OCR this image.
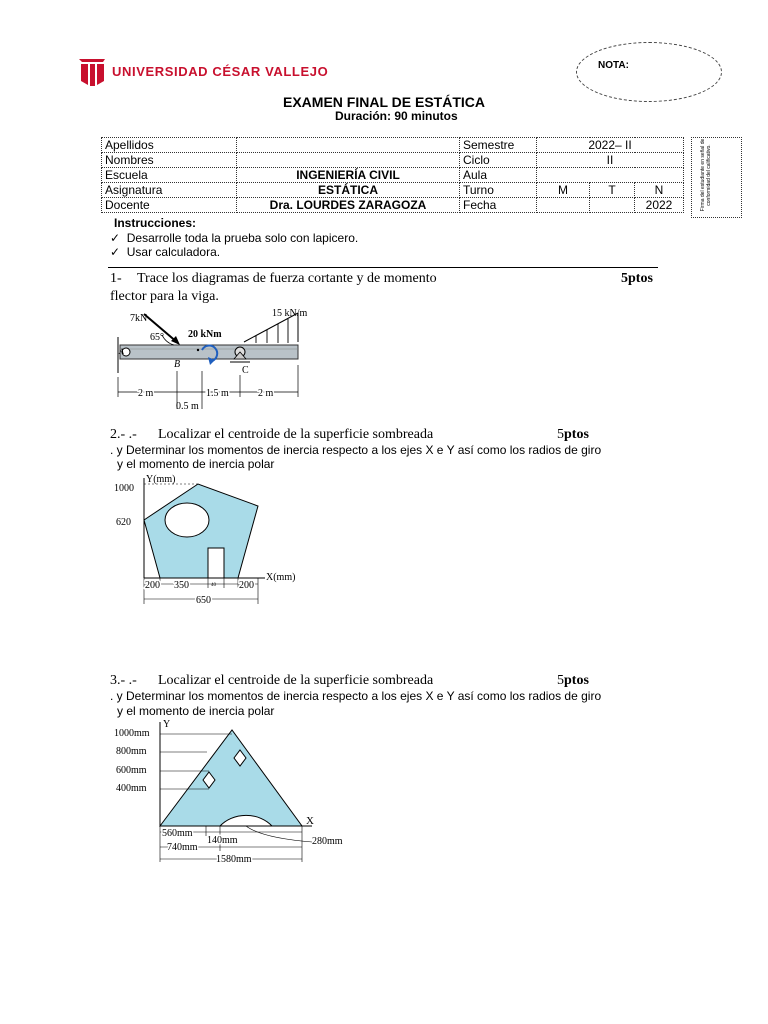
UNIVERSIDAD CÉSAR VALLEJO	NOTA:
EXAMEN FINAL DE ESTÁTICA
Duración: 90 minutos
Apellidos		Semestre	2022– II		
Nombres		Ciclo	II		
Escuela	INGENIERÍA CIVIL	Aula			
Asignatura	ESTÁTICA	Turno	M	T	N
Docente	Dra. LOURDES ZARAGOZA	Fecha			2022	Firma del estudiante en señal de conformidad del calificativo.
Instrucciones:
✓ Desarrolle toda la prueba solo con lapicero.
✓ Usar calculadora.
1- Trace los diagramas de fuerza cortante y de momento	5ptos
flector para la viga.
7kN
65° 20 kNm
B
A
C
15 kN/m
2 m	1.5 m	2 m
0.5 m
2.- .- Localizar el centroide de la superficie sombreada	5ptos
. y Determinar los momentos de inercia respecto a los ejes X e Y así como los radios de giro
y el momento de inercia polar
Y(mm)
X(mm)
1000
620
200 350	40 200
650
3.- .- Localizar el centroide de la superficie sombreada	5ptos
. y Determinar los momentos de inercia respecto a los ejes X e Y así como los radios de giro
y el momento de inercia polar
Y
X
1000mm
800mm
600mm
400mm
560mm
140mm
740mm
1580mm
280mm
